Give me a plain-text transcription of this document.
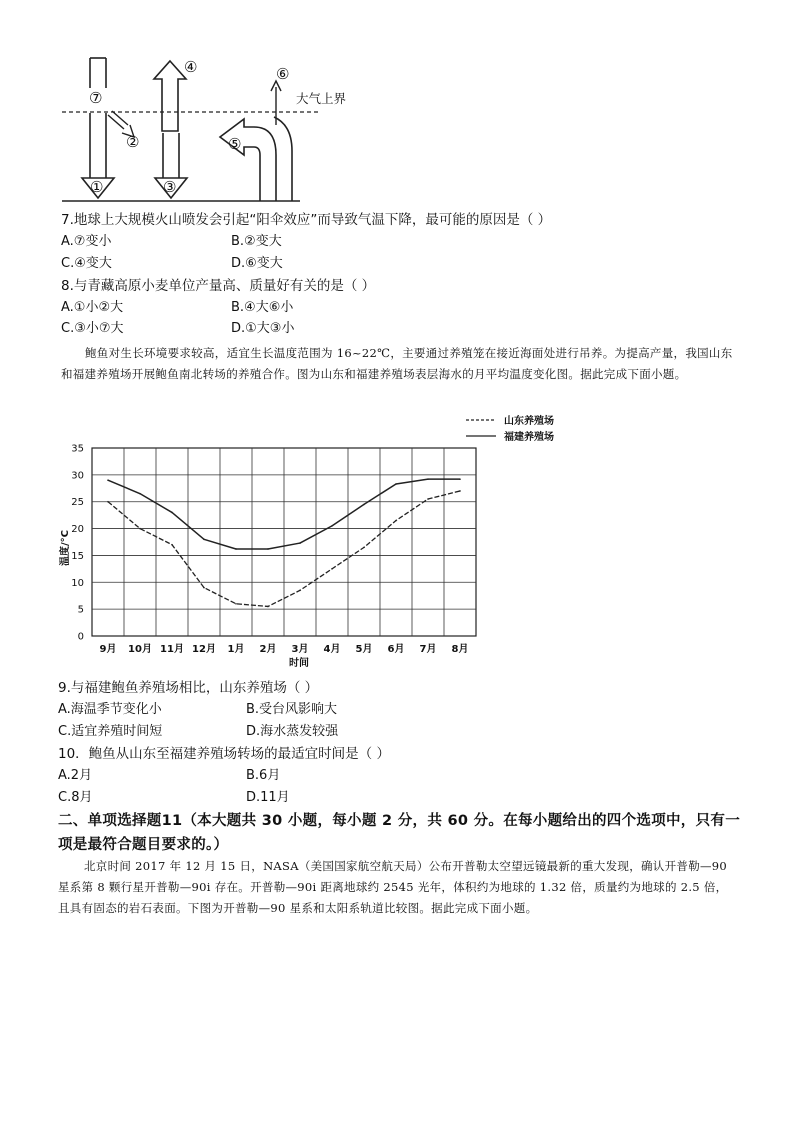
⑦
②
①
④
③
⑥
⑤
大气上界
7.地球上大规模火山喷发会引起“阳伞效应”而导致气温下降，最可能的原因是（ ）
A.⑦变小	B.②变大
C.④变大	D.⑥变大
8.与青藏高原小麦单位产量高、质量好有关的是（ ）
A.①小②大	B.④大⑥小
C.③小⑦大	D.①大③小
鲍鱼对生长环境要求较高，适宜生长温度范围为 16~22℃，主要通过养殖笼在接近海面处进行吊养。为提高产量，我国山东和福建养殖场开展鲍鱼南北转场的养殖合作。图为山东和福建养殖场表层海水的月平均温度变化图。据此完成下面小题。
0
5
10
15
20
25
30
35
9月 10月 11月 12月 1月 2月 3月 4月 5月 6月 7月 8月
山东养殖场
福建养殖场
温度/°C
时间
9.与福建鲍鱼养殖场相比，山东养殖场（ ）
A.海温季节变化小	B.受台风影响大
C.适宜养殖时间短	D.海水蒸发较强
10．鲍鱼从山东至福建养殖场转场的最适宜时间是（ ）
A.2月	B.6月
C.8月	D.11月
二、单项选择题11（本大题共 30 小题，每小题 2 分，共 60 分。在每小题给出的四个选项中，只有一项是最符合题目要求的。）
北京时间 2017 年 12 月 15 日，NASA（美国国家航空航天局）公布开普勒太空望远镜最新的重大发现，确认开普勒—90 星系第 8 颗行星开普勒—90i 存在。开普勒—90i 距离地球约 2545 光年，体积约为地球的 1.32 倍，质量约为地球的 2.5 倍，且具有固态的岩石表面。下图为开普勒—90 星系和太阳系轨道比较图。据此完成下面小题。
